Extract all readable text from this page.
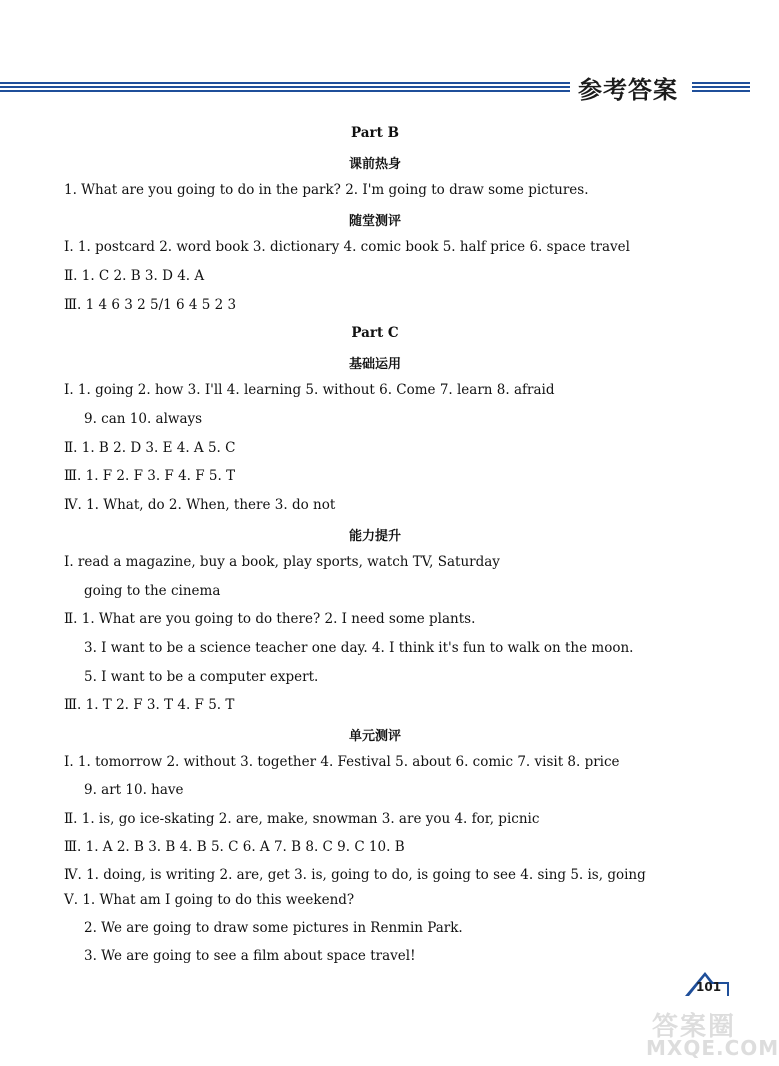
参考答案
Part B
课前热身
1. What are you going to do in the park? 2. I'm going to draw some pictures.
随堂测评
Ⅰ. 1. postcard 2. word book 3. dictionary 4. comic book 5. half price 6. space travel
Ⅱ. 1. C 2. B 3. D 4. A
Ⅲ. 1 4 6 3 2 5/1 6 4 5 2 3
Part C
基础运用
Ⅰ. 1. going 2. how 3. I'll 4. learning 5. without 6. Come 7. learn 8. afraid
9. can 10. always
Ⅱ. 1. B 2. D 3. E 4. A 5. C
Ⅲ. 1. F 2. F 3. F 4. F 5. T
Ⅳ. 1. What, do 2. When, there 3. do not
能力提升
Ⅰ. read a magazine, buy a book, play sports, watch TV, Saturday
going to the cinema
Ⅱ. 1. What are you going to do there? 2. I need some plants.
3. I want to be a science teacher one day. 4. I think it's fun to walk on the moon.
5. I want to be a computer expert.
Ⅲ. 1. T 2. F 3. T 4. F 5. T
单元测评
Ⅰ. 1. tomorrow 2. without 3. together 4. Festival 5. about 6. comic 7. visit 8. price
9. art 10. have
Ⅱ. 1. is, go ice-skating 2. are, make, snowman 3. are you 4. for, picnic
Ⅲ. 1. A 2. B 3. B 4. B 5. C 6. A 7. B 8. C 9. C 10. B
Ⅳ. 1. doing, is writing 2. are, get 3. is, going to do, is going to see 4. sing 5. is, going
Ⅴ. 1. What am I going to do this weekend?
2. We are going to draw some pictures in Renmin Park.
3. We are going to see a film about space travel!
101
答案圈
MXQE.COM
